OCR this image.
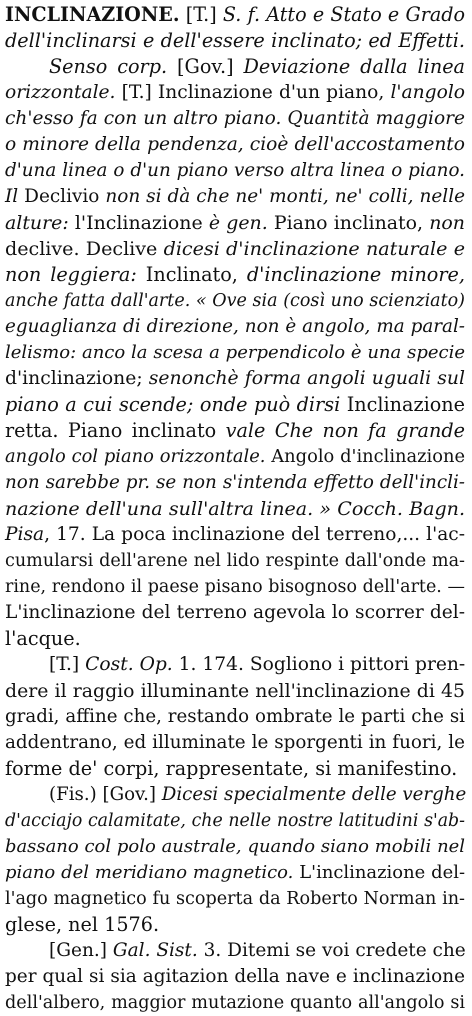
INCLINAZIONE. [T.] S. f. Atto e Stato e Grado
dell'inclinarsi e dell'essere inclinato; ed Effetti.
Senso corp. [Gov.] Deviazione dalla linea
orizzontale. [T.] Inclinazione d'un piano, l'angolo
ch'esso fa con un altro piano. Quantità maggiore
o minore della pendenza, cioè dell'accostamento
d'una linea o d'un piano verso altra linea o piano.
Il Declivio non si dà che ne' monti, ne' colli, nelle
alture: l'Inclinazione è gen. Piano inclinato, non
declive. Declive dicesi d'inclinazione naturale e
non leggiera: Inclinato, d'inclinazione minore,
anche fatta dall'arte. « Ove sia (così uno scienziato)
eguaglianza di direzione, non è angolo, ma paral-
lelismo: anco la scesa a perpendicolo è una specie
d'inclinazione; senonchè forma angoli uguali sul
piano a cui scende; onde può dirsi Inclinazione
retta. Piano inclinato vale Che non fa grande
angolo col piano orizzontale. Angolo d'inclinazione
non sarebbe pr. se non s'intenda effetto dell'incli-
nazione dell'una sull'altra linea. » Cocch. Bagn.
Pisa, 17. La poca inclinazione del terreno,... l'ac-
cumularsi dell'arene nel lido respinte dall'onde ma-
rine, rendono il paese pisano bisognoso dell'arte. —
L'inclinazione del terreno agevola lo scorrer del-
l'acque.
[T.] Cost. Op. 1. 174. Sogliono i pittori pren-
dere il raggio illuminante nell'inclinazione di 45
gradi, affine che, restando ombrate le parti che si
addentrano, ed illuminate le sporgenti in fuori, le
forme de' corpi, rappresentate, si manifestino.
(Fis.) [Gov.] Dicesi specialmente delle verghe
d'acciajo calamitate, che nelle nostre latitudini s'ab-
bassano col polo australe, quando siano mobili nel
piano del meridiano magnetico. L'inclinazione del-
l'ago magnetico fu scoperta da Roberto Norman in-
glese, nel 1576.
[Gen.] Gal. Sist. 3. Ditemi se voi credete che
per qual si sia agitazion della nave e inclinazione
dell'albero, maggior mutazione quanto all'angolo si
